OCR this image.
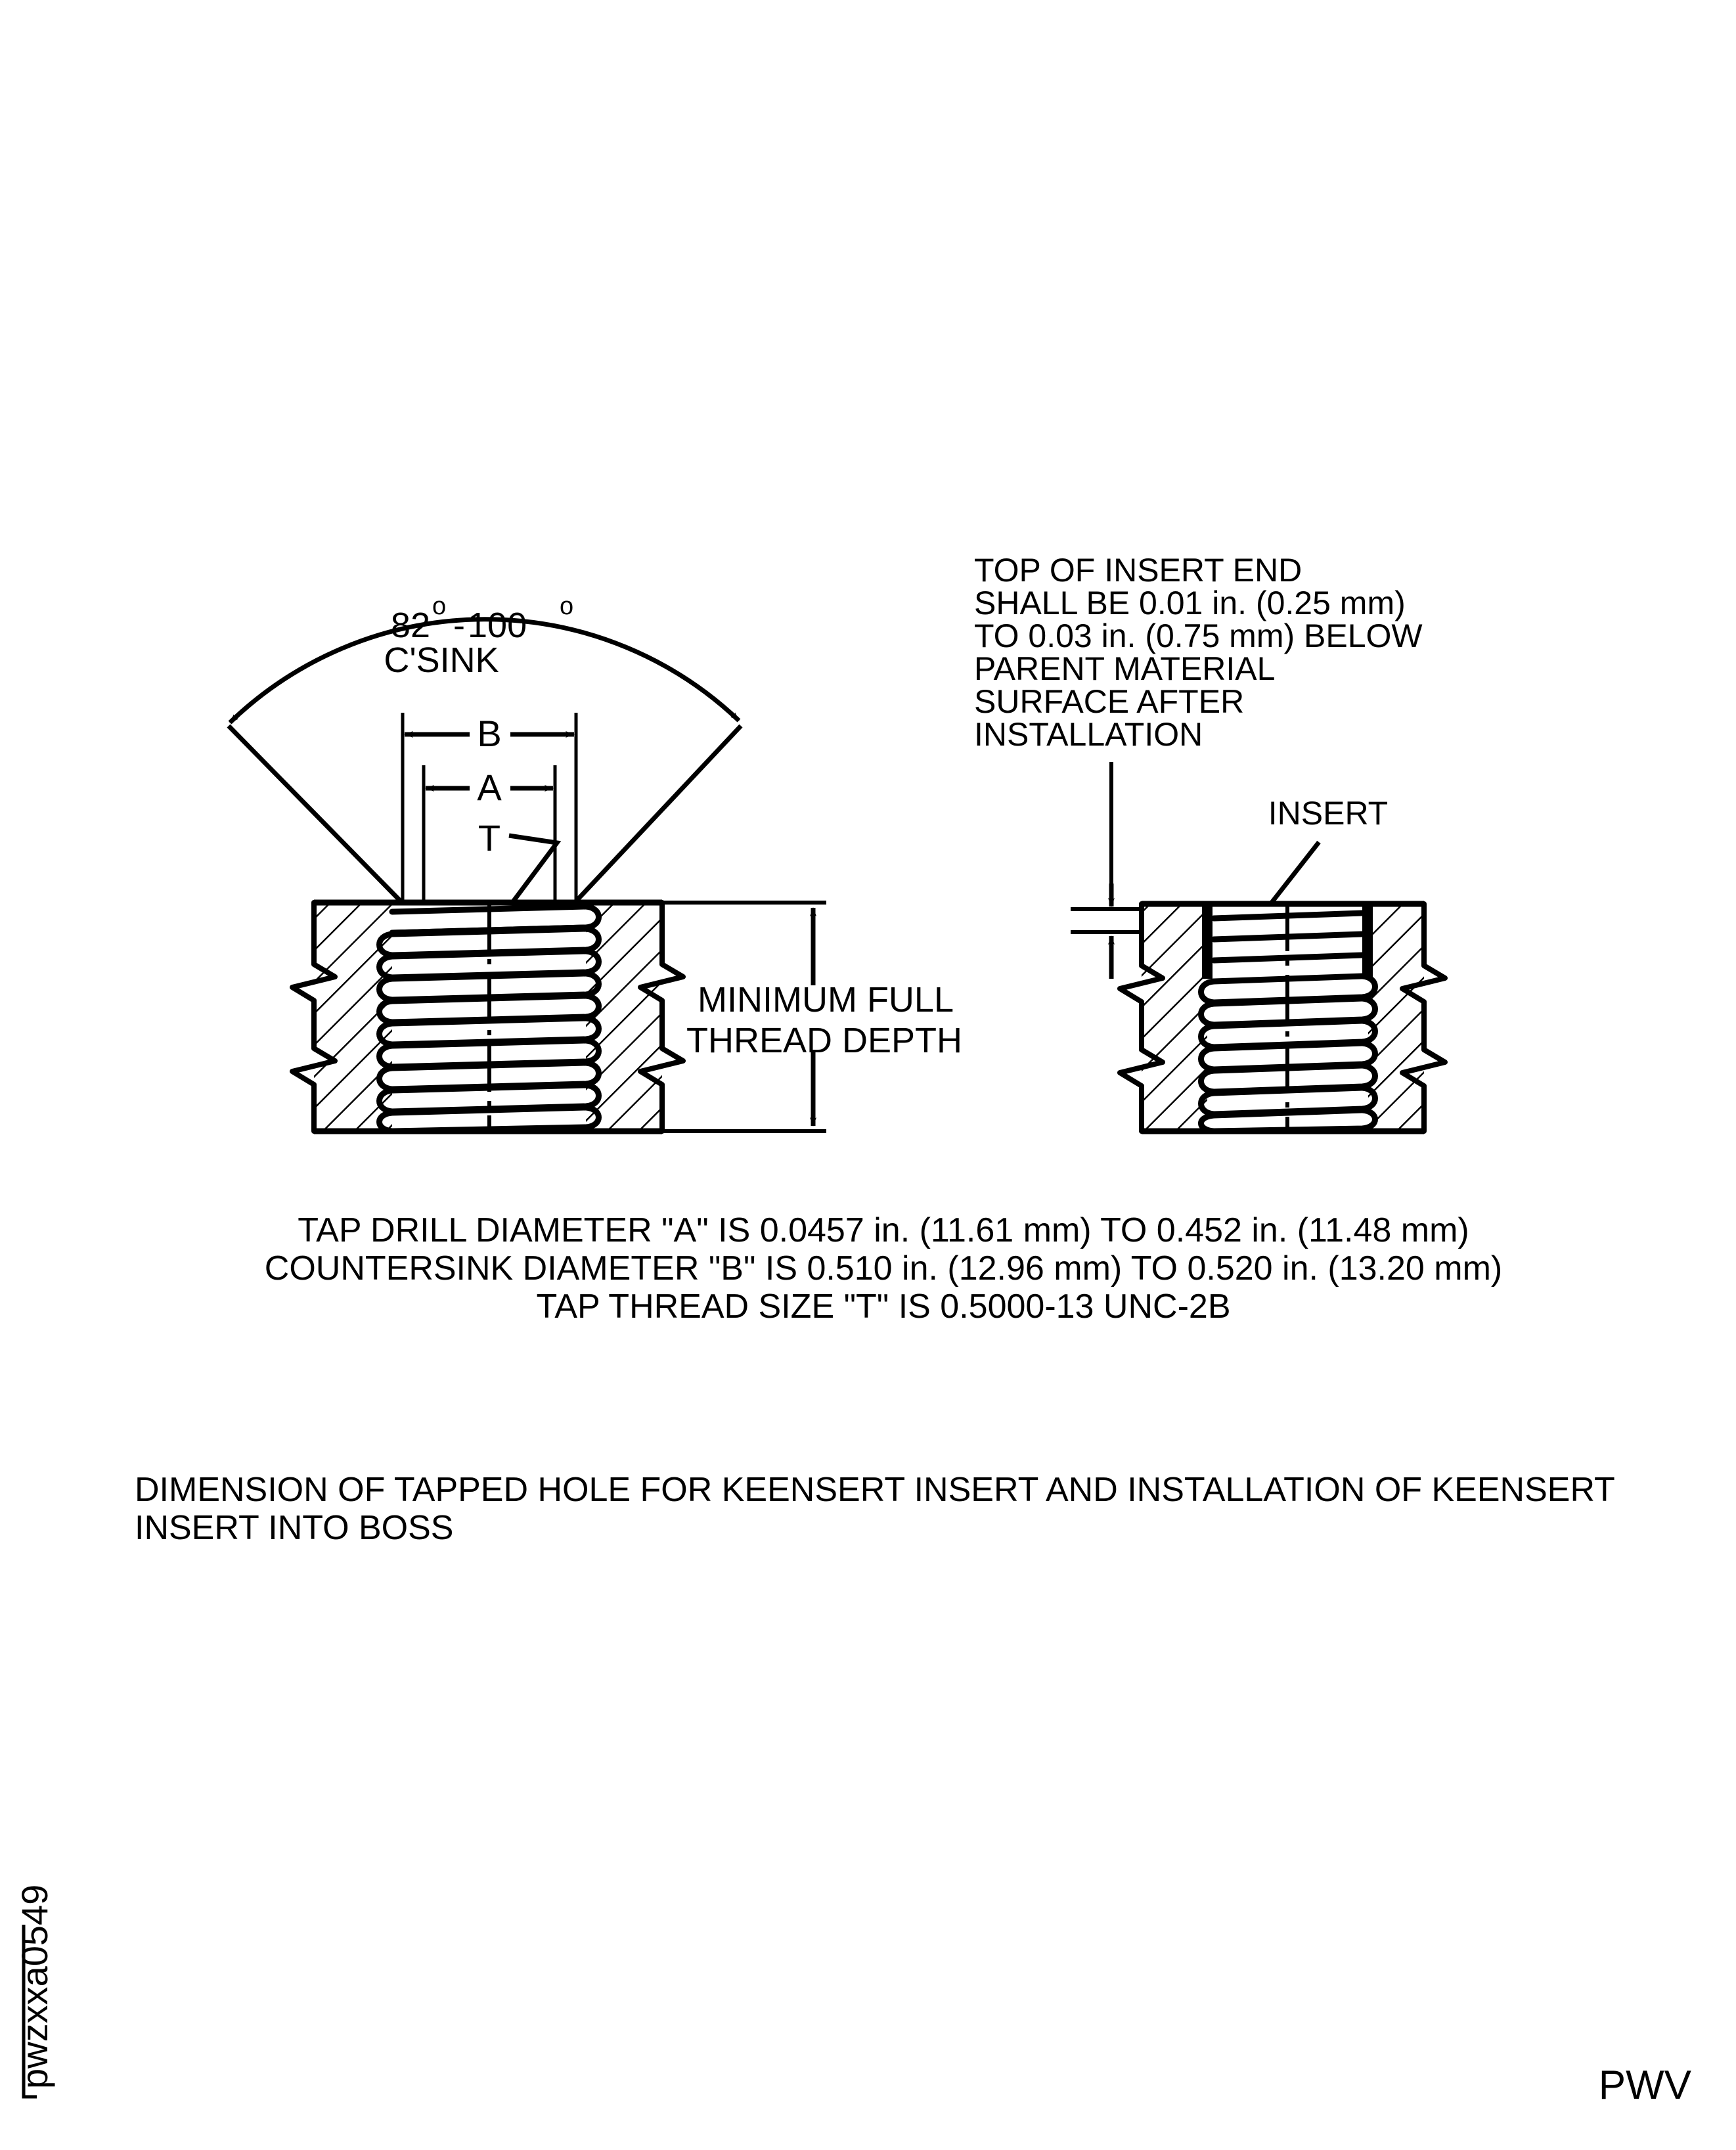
82 o - 100 o
C'SINK
B
A
T
MINIMUM FULL
THREAD DEPTH
TOP OF INSERT END
SHALL BE 0.01 in. (0.25 mm)
TO 0.03 in. (0.75 mm) BELOW
PARENT MATERIAL
SURFACE AFTER
INSTALLATION
INSERT
TAP DRILL DIAMETER "A" IS 0.0457 in. (11.61 mm) TO 0.452 in. (11.48 mm)
COUNTERSINK DIAMETER "B" IS 0.510 in. (12.96 mm) TO 0.520 in. (13.20 mm)
TAP THREAD SIZE "T" IS 0.5000-13 UNC-2B
DIMENSION OF TAPPED HOLE FOR KEENSERT INSERT AND INSTALLATION OF KEENSERT
INSERT INTO BOSS
pwzxxa0549	PWV
